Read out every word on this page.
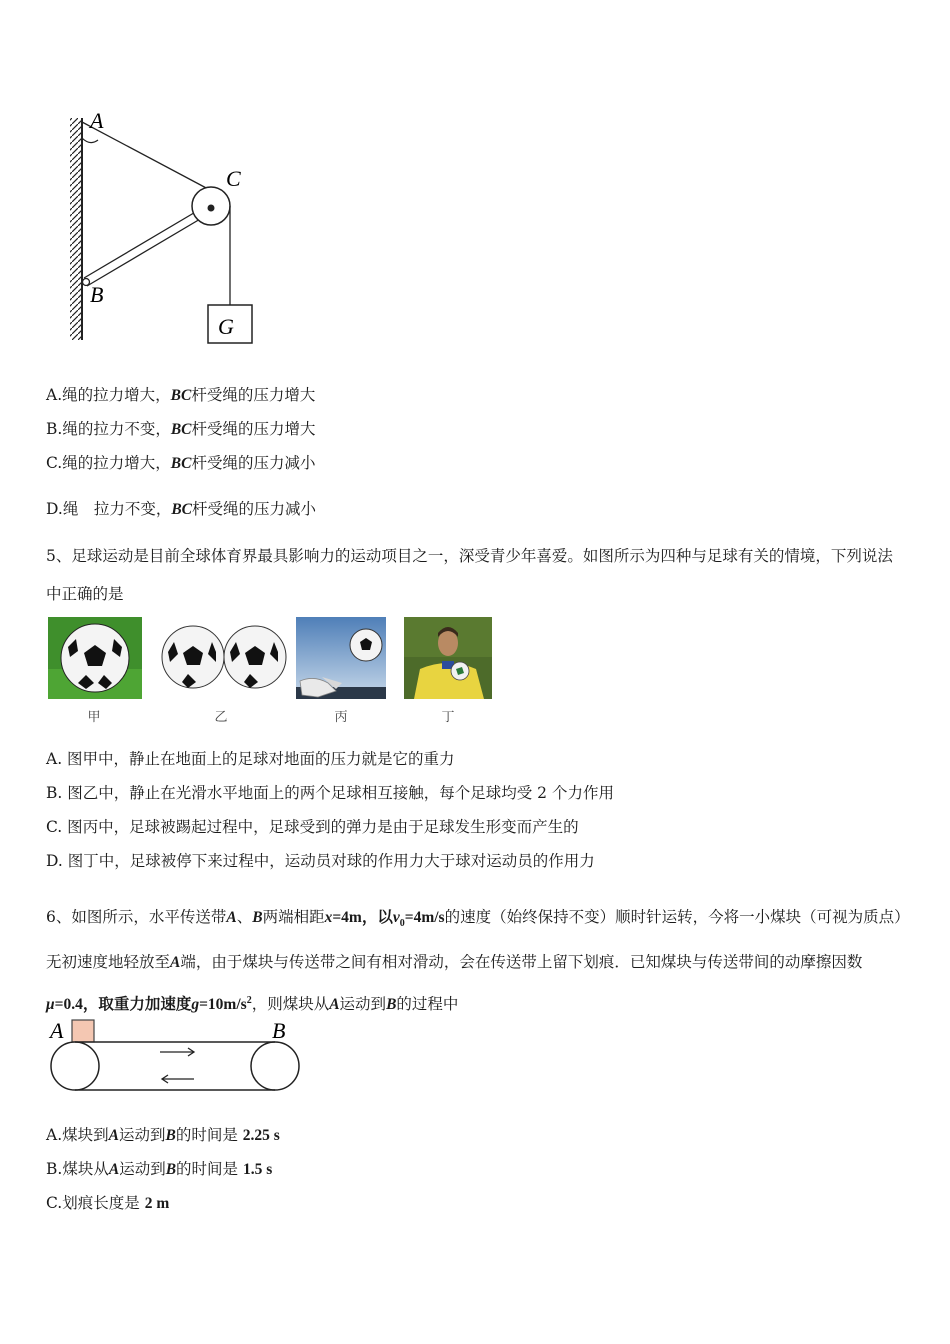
A
C
B
G
A.绳的拉力增大，BC杆受绳的压力增大
B.绳的拉力不变，BC杆受绳的压力增大
C.绳的拉力增大，BC杆受绳的压力减小
D.绳　拉力不变，BC杆受绳的压力减小
5、足球运动是目前全球体育界最具影响力的运动项目之一，深受青少年喜爱。如图所示为四种与足球有关的情境，下列说法中正确的是
甲	乙	丙	丁
A. 图甲中，静止在地面上的足球对地面的压力就是它的重力
B. 图乙中，静止在光滑水平地面上的两个足球相互接触，每个足球均受 2 个力作用
C. 图丙中，足球被踢起过程中，足球受到的弹力是由于足球发生形变而产生的
D. 图丁中，足球被停下来过程中，运动员对球的作用力大于球对运动员的作用力
6、如图所示，水平传送带A、B两端相距x=4m，以$v_0=4m/s$的速度（始终保持不变）顺时针运转，今将一小煤块（可视为质点）无初速度地轻放至A端，由于煤块与传送带之间有相对滑动，会在传送带上留下划痕．已知煤块与传送带间的动摩擦因数μ=0.4，取重力加速度$g=10m/s^2$，则煤块从A运动到B的过程中
A	B
A.煤块到A运动到B的时间是 2.25 s
B.煤块从A运动到B的时间是 1.5 s
C.划痕长度是 2 m
